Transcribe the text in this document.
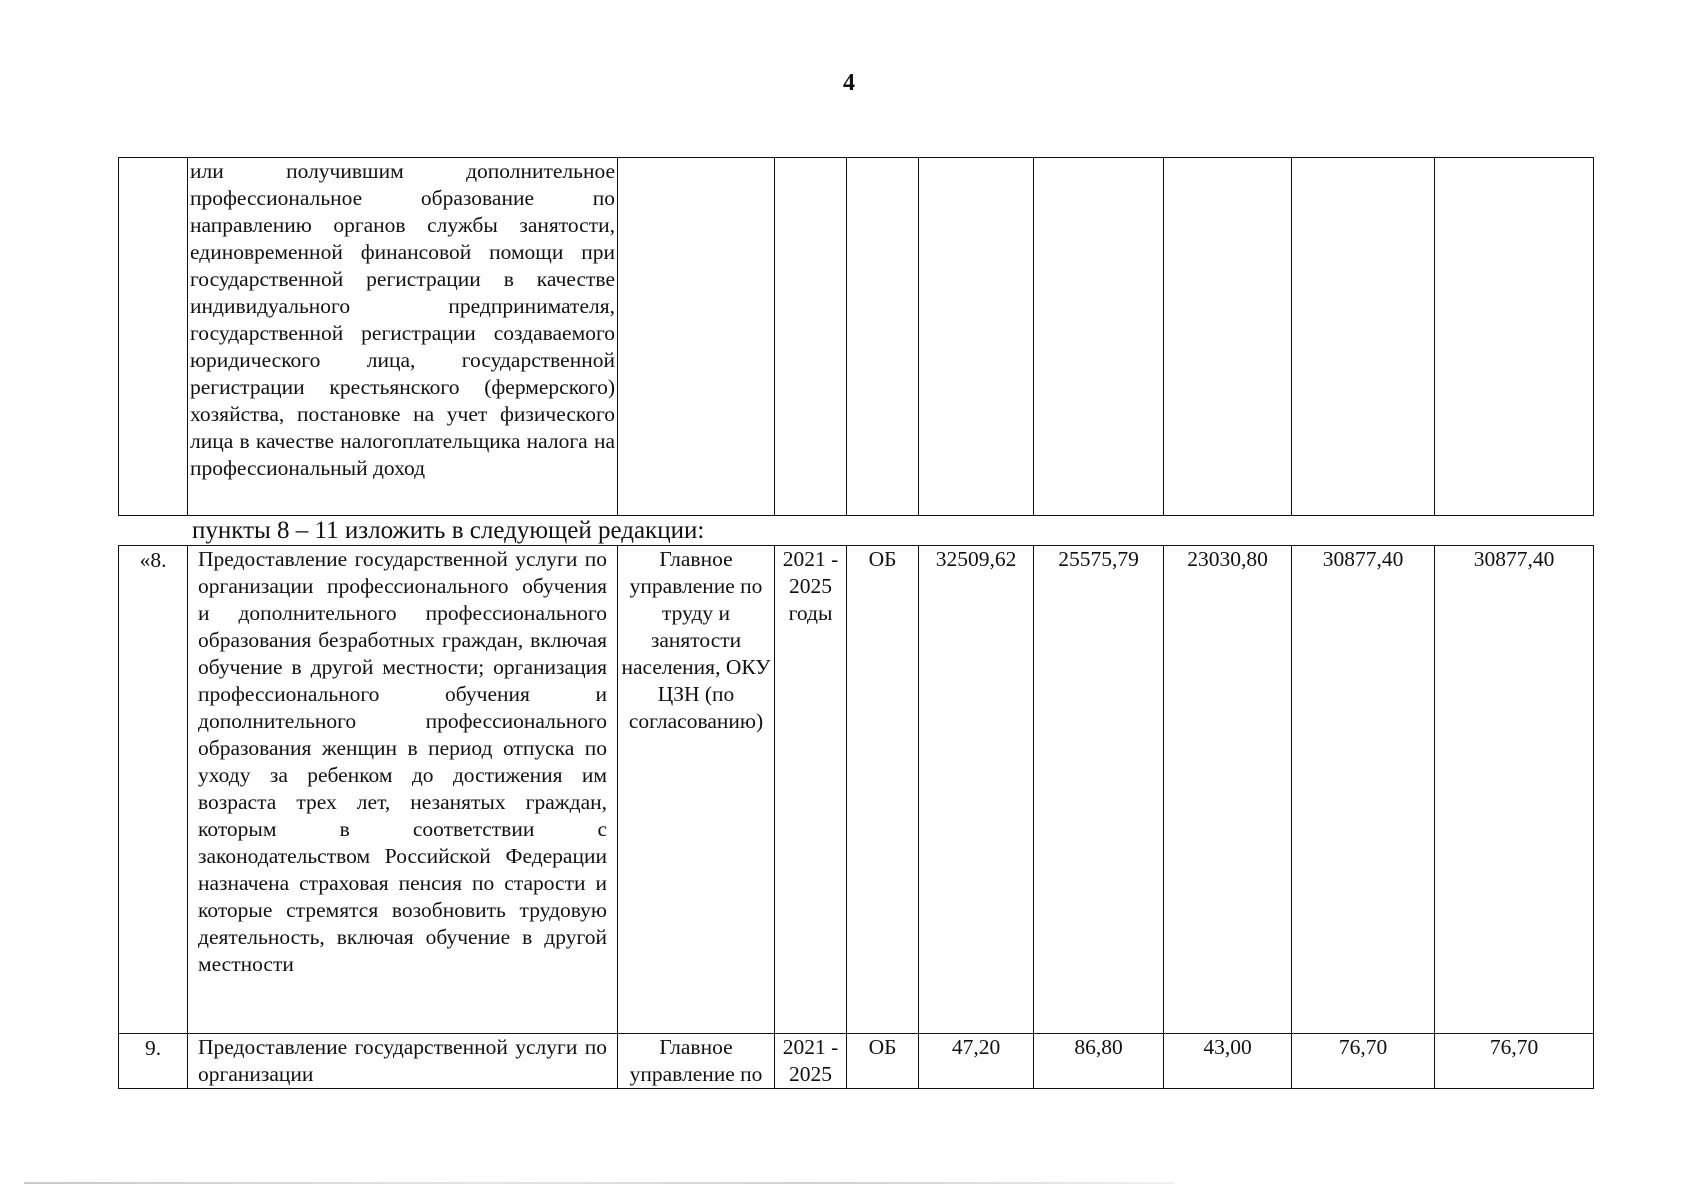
4
	или получившим дополнительное профессиональное образование по направлению органов службы занятости, единовременной финансовой помощи при государственной регистрации в качестве индивидуального предпринимателя, государственной регистрации создаваемого юридического лица, государственной регистрации крестьянского (фермерского) хозяйства, постановке на учет физического лица в качестве налогоплательщика налога на профессиональный доход								
пункты 8 – 11 изложить в следующей редакции:
«8.	Предоставление государственной услуги по организации профессионального обучения и дополнительного профессионального образования безработных граждан, включая обучение в другой местности; организация профессионального обучения и дополнительного профессионального образования женщин в период отпуска по уходу за ребенком до достижения им возраста трех лет, незанятых граждан, которым в соответствии с законодательством Российской Федерации назначена страховая пенсия по старости и которые стремятся возобновить трудовую деятельность, включая обучение в другой местности	Главное управление по труду и занятости населения, ОКУ ЦЗН (по согласованию)	2021 - 2025 годы	ОБ	32509,62	25575,79	23030,80	30877,40	30877,40
9.	Предоставление государственной услуги по организации	Главное управление по	2021 - 2025	ОБ	47,20	86,80	43,00	76,70	76,70
